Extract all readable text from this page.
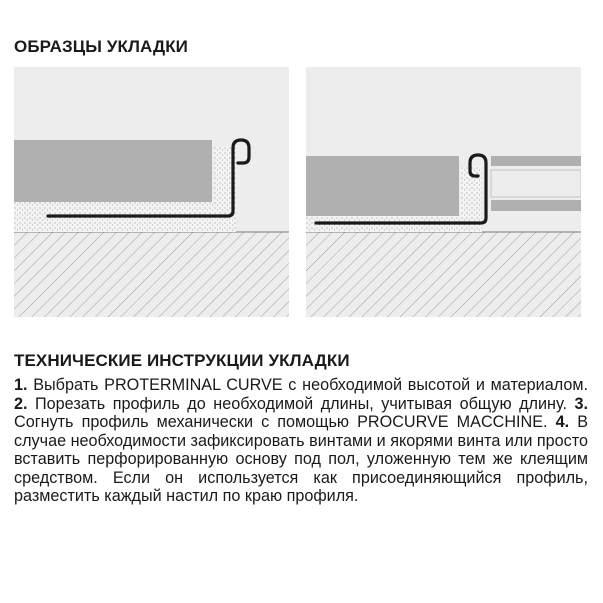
ОБРАЗЦЫ УКЛАДКИ
ТЕХНИЧЕСКИЕ ИНСТРУКЦИИ УКЛАДКИ

1. Выбрать PROTERMINAL CURVE с необходимой высотой и материалом. 2. Порезать профиль до необходимой длины, учитывая общую длину. 3. Согнуть профиль механически с помощью PROCURVE MACCHINE. 4. В случае необходимости зафиксировать винтами и якорями винта или просто вставить перфорированную основу под пол, уложенную тем же клеящим средством. Если он используется как присоединяющийся профиль, разместить каждый настил по краю профиля.
